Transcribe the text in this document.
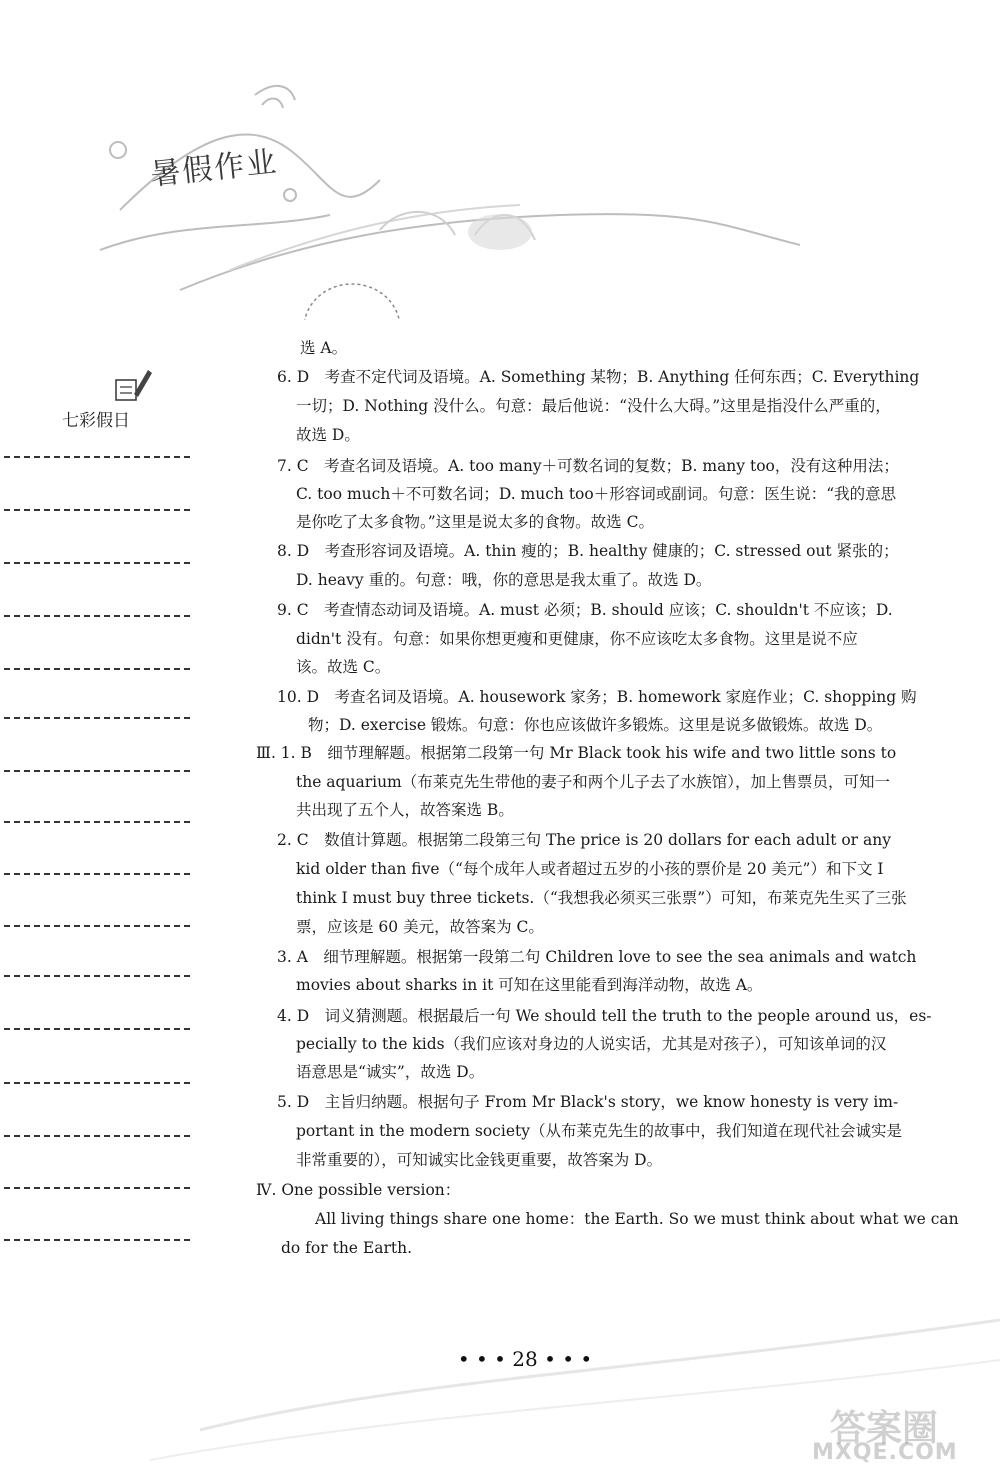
暑假作业
七彩假日
选 A。
6. D　考查不定代词及语境。A. Something 某物；B. Anything 任何东西；C. Everything
一切；D. Nothing 没什么。句意：最后他说：“没什么大碍。”这里是指没什么严重的，
故选 D。
7. C　考查名词及语境。A. too many＋可数名词的复数；B. many too，没有这种用法；
C. too much＋不可数名词；D. much too＋形容词或副词。句意：医生说：“我的意思
是你吃了太多食物。”这里是说太多的食物。故选 C。
8. D　考查形容词及语境。A. thin 瘦的；B. healthy 健康的；C. stressed out 紧张的；
D. heavy 重的。句意：哦，你的意思是我太重了。故选 D。
9. C　考查情态动词及语境。A. must 必须；B. should 应该；C. shouldn't 不应该；D.
didn't 没有。句意：如果你想更瘦和更健康，你不应该吃太多食物。这里是说不应
该。故选 C。
10. D　考查名词及语境。A. housework 家务；B. homework 家庭作业；C. shopping 购
物；D. exercise 锻炼。句意：你也应该做许多锻炼。这里是说多做锻炼。故选 D。
Ⅲ. 1. B　细节理解题。根据第二段第一句 Mr Black took his wife and two little sons to
the aquarium（布莱克先生带他的妻子和两个儿子去了水族馆），加上售票员，可知一
共出现了五个人，故答案选 B。
2. C　数值计算题。根据第二段第三句 The price is 20 dollars for each adult or any
kid older than five（“每个成年人或者超过五岁的小孩的票价是 20 美元”）和下文 I
think I must buy three tickets.（“我想我必须买三张票”）可知，布莱克先生买了三张
票，应该是 60 美元，故答案为 C。
3. A　细节理解题。根据第一段第二句 Children love to see the sea animals and watch
movies about sharks in it 可知在这里能看到海洋动物，故选 A。
4. D　词义猜测题。根据最后一句 We should tell the truth to the people around us，es-
pecially to the kids（我们应该对身边的人说实话，尤其是对孩子），可知该单词的汉
语意思是“诚实”，故选 D。
5. D　主旨归纳题。根据句子 From Mr Black's story，we know honesty is very im-
portant in the modern society（从布莱克先生的故事中，我们知道在现代社会诚实是
非常重要的），可知诚实比金钱更重要，故答案为 D。
Ⅳ. One possible version：
All living things share one home：the Earth. So we must think about what we can
do for the Earth.
• • • 28 • • •
答案圈
MXQE.COM
